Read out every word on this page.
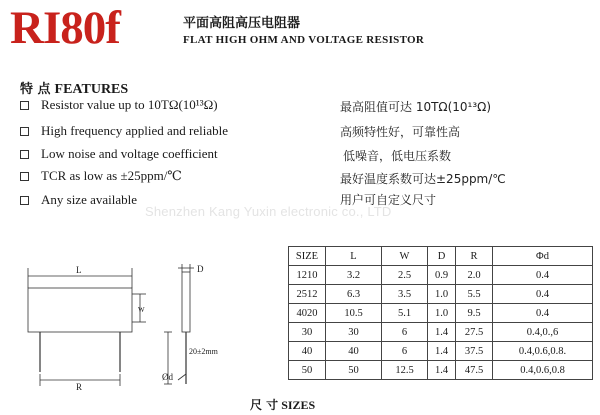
RI80f	平面高阻高压电阻器
FLAT HIGH OHM AND VOLTAGE RESISTOR
特 点 FEATURES
Resistor value up to 10TΩ(10¹³Ω)
High frequency applied and reliable
Low noise and voltage coefficient
TCR as low as ±25ppm/℃
Any size available
最高阻值可达 10TΩ(10¹³Ω)
高频特性好，可靠性高
低噪音，低电压系数
最好温度系数可达±25ppm/℃
用户可自定义尺寸
Shenzhen Kang Yuxin electronic co., LTD
L	D
W
20±2mm
Ød
R
SIZE	L	W	D	R	Φd
1210	3.2	2.5	0.9	2.0	0.4
2512	6.3	3.5	1.0	5.5	0.4
4020	10.5	5.1	1.0	9.5	0.4
30	30	6	1.4	27.5	0.4,0.,6
40	40	6	1.4	37.5	0.4,0.6,0.8.
50	50	12.5	1.4	47.5	0.4,0.6,0.8
尺 寸 SIZES
